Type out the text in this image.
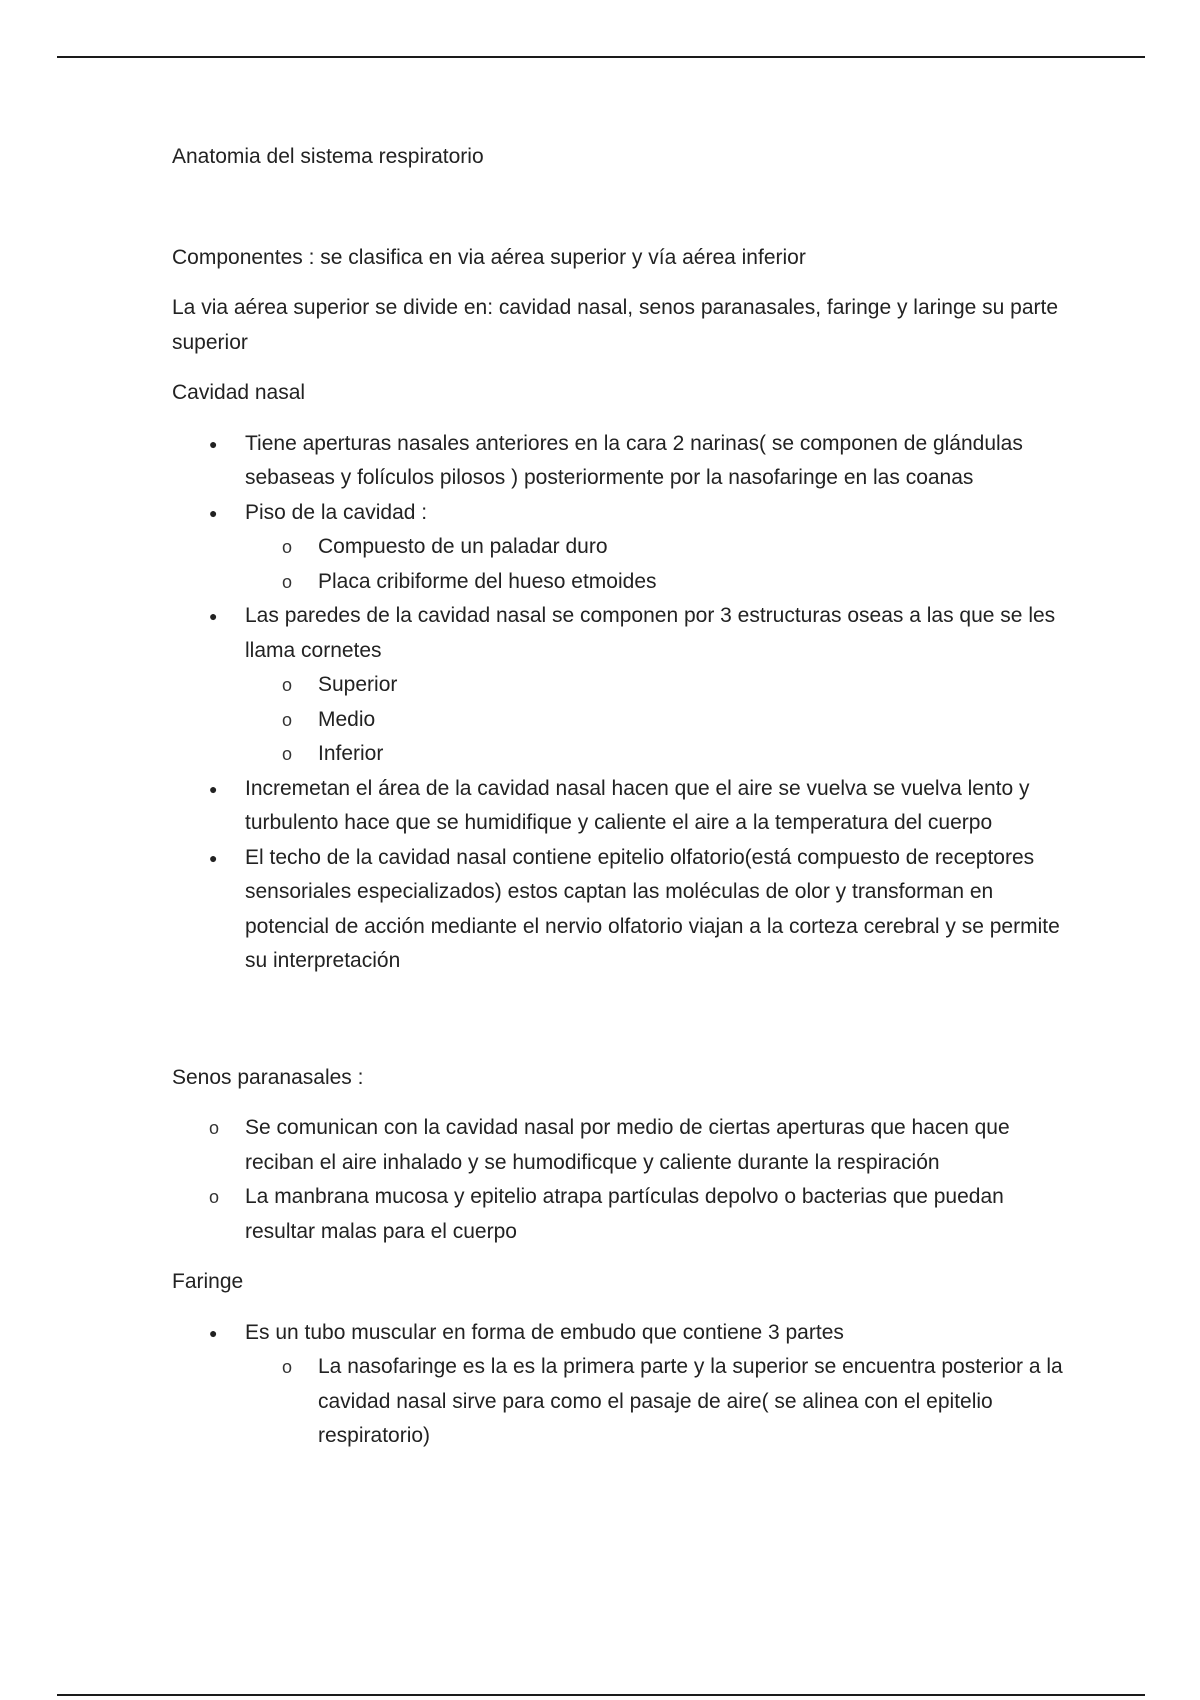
Anatomia del sistema respiratorio

Componentes : se clasifica en via aérea superior y vía aérea inferior

La via aérea superior se divide en: cavidad nasal, senos paranasales, faringe y laringe su parte superior

Cavidad nasal

● Tiene aperturas nasales anteriores en la cara 2 narinas( se componen de glándulas sebaseas y folículos pilosos ) posteriormente por la nasofaringe en las coanas
● Piso de la cavidad :
o Compuesto de un paladar duro
o Placa cribiforme del hueso etmoides
● Las paredes de la cavidad nasal se componen por 3 estructuras oseas a las que se les llama cornetes
o Superior
o Medio
o Inferior
● Incremetan el área de la cavidad nasal hacen que el aire se vuelva se vuelva lento y turbulento hace que se humidifique y caliente el aire a la temperatura del cuerpo
● El techo de la cavidad nasal contiene epitelio olfatorio(está compuesto de receptores sensoriales especializados) estos captan las moléculas de olor y transforman en potencial de acción mediante el nervio olfatorio viajan a la corteza cerebral y se permite su interpretación

Senos paranasales :

o Se comunican con la cavidad nasal por medio de ciertas aperturas que hacen que reciban el aire inhalado y se humodificque y caliente durante la respiración
o La manbrana mucosa y epitelio atrapa partículas depolvo o bacterias que puedan resultar malas para el cuerpo

Faringe

● Es un tubo muscular en forma de embudo que contiene 3 partes
o La nasofaringe es la es la primera parte y la superior se encuentra posterior a la cavidad nasal sirve para como el pasaje de aire( se alinea con el epitelio respiratorio)
